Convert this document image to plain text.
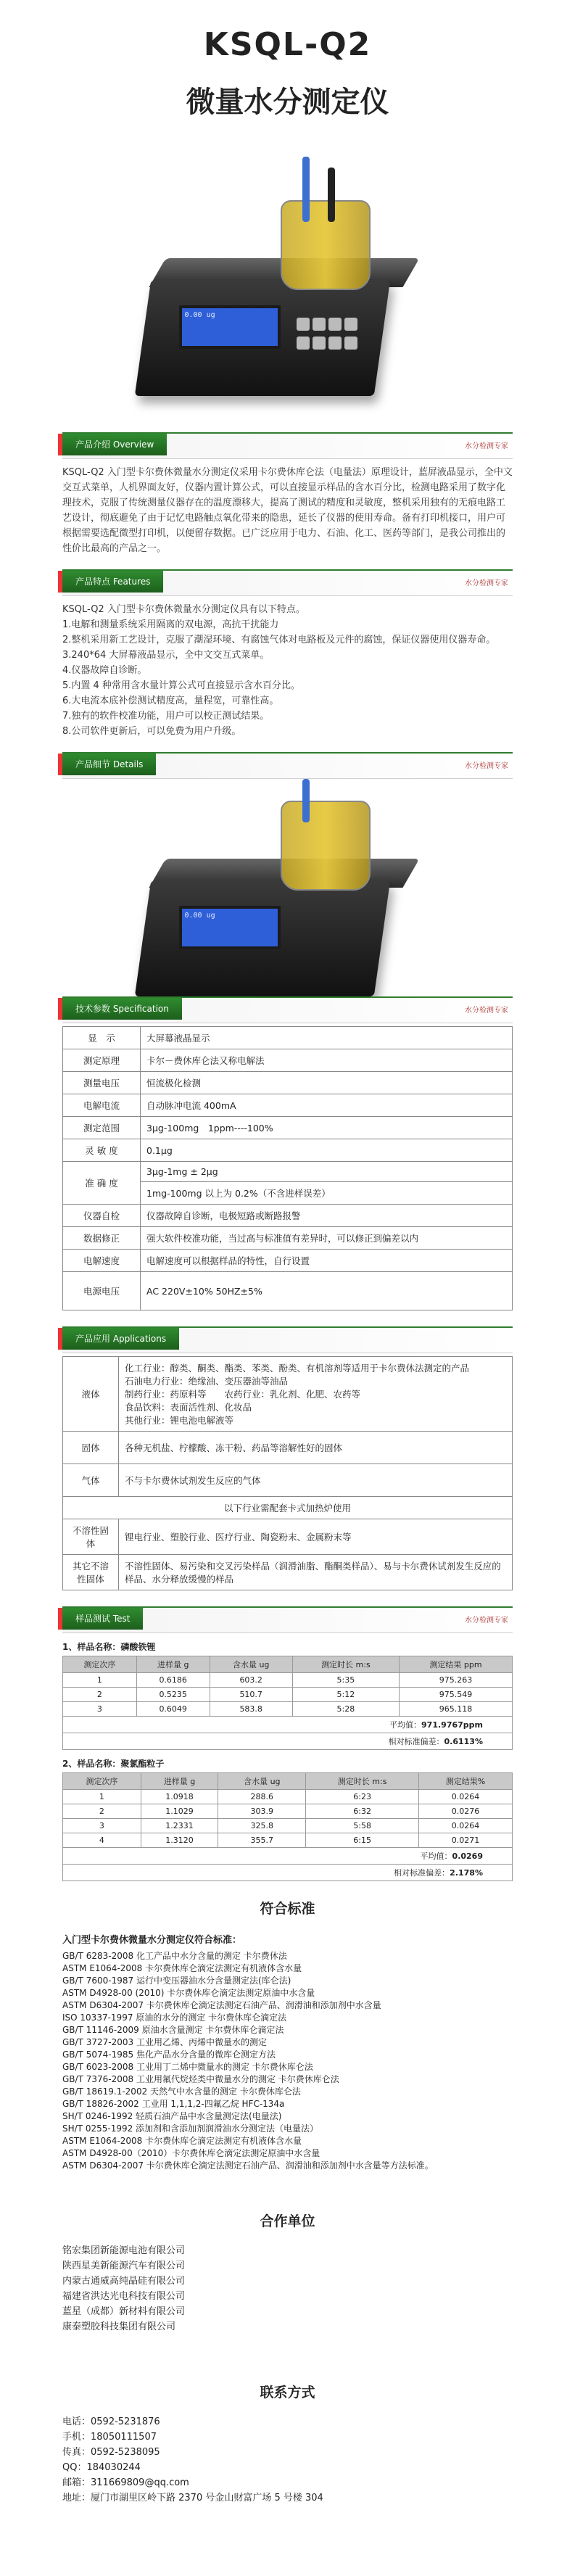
KSQL-Q2
微量水分测定仪
0.00 ug

产品介绍 Overview	水分检测专家
KSQL-Q2 入门型卡尔费休微量水分测定仪采用卡尔费休库仑法（电量法）原理设计，蓝屏液晶显示，全中文交互式菜单，人机界面友好，仪器内置计算公式，可以直接显示样品的含水百分比，检测电路采用了数字化理技术，克服了传统测量仪器存在的温度漂移大，提高了测试的精度和灵敏度，整机采用独有的无痕电路工艺设计，彻底避免了由于记忆电路触点氧化带来的隐患，延长了仪器的使用寿命。备有打印机接口，用户可根据需要选配微型打印机，以便留存数据。已广泛应用于电力、石油、化工、医药等部门，是我公司推出的性价比最高的产品之一。
产品特点 Features	水分检测专家
KSQL-Q2 入门型卡尔费休微量水分测定仪具有以下特点。
1.电解和测量系统采用隔离的双电源，高抗干扰能力
2.整机采用新工艺设计，克服了潮湿环境、有腐蚀气体对电路板及元件的腐蚀，保证仪器使用仪器寿命。
3.240*64 大屏幕液晶显示，全中文交互式菜单。
4.仪器故障自诊断。
5.内置 4 种常用含水量计算公式可直接显示含水百分比。
6.大电流本底补偿测试精度高，量程宽，可靠性高。
7.独有的软件校准功能，用户可以校正测试结果。
8.公司软件更新后，可以免费为用户升级。
产品细节 Details	水分检测专家
0.00 ug
技术参数 Specification	水分检测专家
显　示	大屏幕液晶显示
测定原理	卡尔－费休库仑法又称电解法
测量电压	恒流极化检测
电解电流	自动脉冲电流 400mA
测定范围	3μg-100mg　1ppm----100%
灵 敏 度	0.1μg
准 确 度	3μg-1mg ± 2μg
	1mg-100mg 以上为 0.2%（不含进样误差）
仪器自检	仪器故障自诊断，电极短路或断路报警
数据修正	强大软件校准功能，当过高与标准值有差异时，可以修正到偏差以内
电解速度	电解速度可以根据样品的特性，自行设置
电源电压	AC 220V±10% 50HZ±5%
产品应用 Applications
液体	化工行业：醇类、酮类、酯类、苯类、酚类、有机溶剂等适用于卡尔费休法测定的产品
石油电力行业：绝缘油、变压器油等油品
制药行业：药原料等　　农药行业：乳化剂、化肥、农药等
食品饮料：表面活性剂、化妆品
其他行业：锂电池电解液等

固体	各种无机盐、柠檬酸、冻干粉、药品等溶解性好的固体
气体	不与卡尔费休试剂发生反应的气体
以下行业需配套卡式加热炉使用	
不溶性固体	锂电行业、塑胶行业、医疗行业、陶瓷粉末、金属粉末等
其它不溶性固体	不溶性固体、易污染和交叉污染样品（润滑油脂、酯酮类样品）、易与卡尔费休试剂发生反应的样品、水分释放缓慢的样品
样品测试 Test	水分检测专家
1、样品名称：磷酸铁锂
测定次序	进样量 g	含水量 ug	测定时长 m:s	测定结果 ppm
1	0.6186	603.2	5:35	975.263
2	0.5235	510.7	5:12	975.549
3	0.6049	583.8	5:28	965.118
平均值：971.9767ppm				
相对标准偏差：0.6113%				
2、样品名称：聚氯酯粒子
测定次序	进样量 g	含水量 ug	测定时长 m:s	测定结果%
1	1.0918	288.6	6:23	0.0264
2	1.1029	303.9	6:32	0.0276
3	1.2331	325.8	5:58	0.0264
4	1.3120	355.7	6:15	0.0271
平均值：0.0269				
相对标准偏差：2.178%				
符合标准
入门型卡尔费休微量水分测定仪符合标准：
GB/T 6283-2008 化工产品中水分含量的测定 卡尔费休法
ASTM E1064-2008 卡尔费休库仑滴定法测定有机液体含水量
GB/T 7600-1987 运行中变压器油水分含量测定法(库仑法)
ASTM D4928-00 (2010) 卡尔费休库仑滴定法测定原油中水含量
ASTM D6304-2007 卡尔费休库仑滴定法测定石油产品、润滑油和添加剂中水含量
ISO 10337-1997 原油的水分的测定 卡尔费休库仑滴定法
GB/T 11146-2009 原油水含量测定 卡尔费休库仑滴定法
GB/T 3727-2003 工业用乙烯、丙烯中微量水的测定
GB/T 5074-1985 焦化产品水分含量的微库仑测定方法
GB/T 6023-2008 工业用丁二烯中微量水的测定 卡尔费休库仑法
GB/T 7376-2008 工业用氟代烷烃类中微量水分的测定 卡尔费休库仑法
GB/T 18619.1-2002 天然气中水含量的测定 卡尔费休库仑法
GB/T 18826-2002 工业用 1,1,1,2-四氟乙烷 HFC-134a
SH/T 0246-1992 轻质石油产品中水含量测定法(电量法)
SH/T 0255-1992 添加剂和含添加剂润滑油水分测定法（电量法）
ASTM E1064-2008 卡尔费休库仑滴定法测定有机液体含水量
ASTM D4928-00（2010）卡尔费休库仑滴定法测定原油中水含量
ASTM D6304-2007 卡尔费休库仑滴定法测定石油产品、润滑油和添加剂中水含量等方法标准。
合作单位
铭宏集团新能源电池有限公司
陕西星美新能源汽车有限公司
内蒙古通威高纯晶硅有限公司
福建省洪达光电科技有限公司
蓝星（成都）新材料有限公司
康泰塑胶科技集团有限公司
联系方式
电话：0592-5231876
手机：18050111507
传真：0592-5238095
QQ：184030244
邮箱：311669809@qq.com
地址：厦门市湖里区岭下路 2370 号金山财富广场 5 号楼 304
